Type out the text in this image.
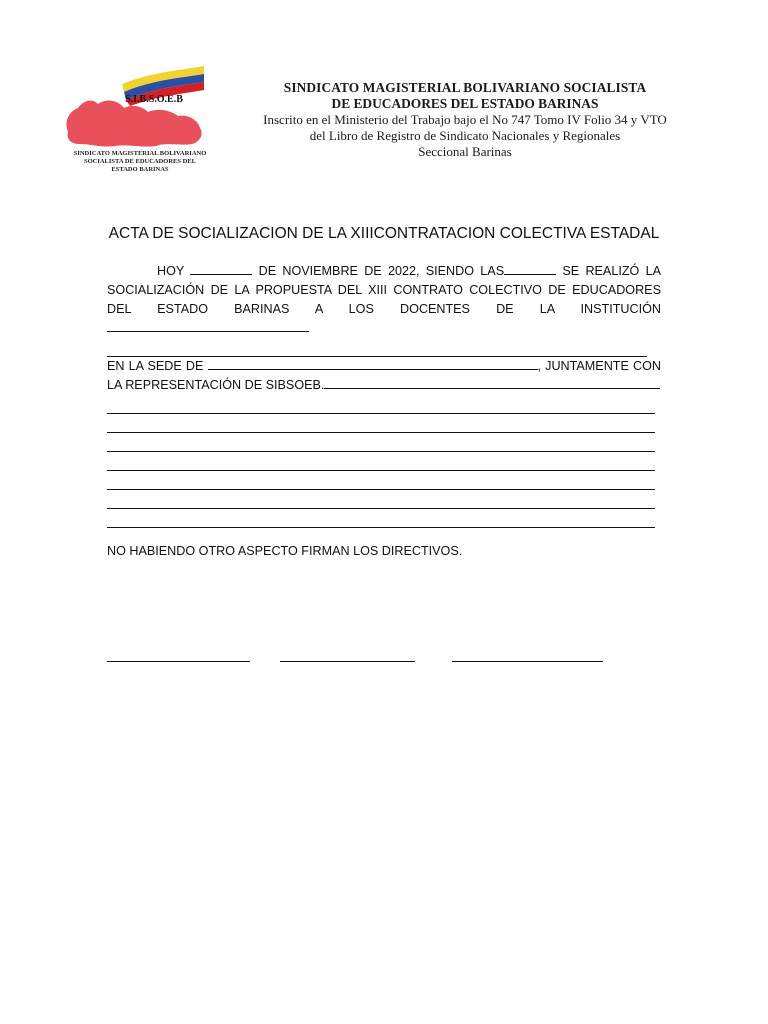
S.I.B.S.O.E.B
SINDICATO MAGISTERIAL BOLIVARIANO
SOCIALISTA DE EDUCADORES DEL
ESTADO BARINAS
SINDICATO MAGISTERIAL BOLIVARIANO SOCIALISTA
DE EDUCADORES DEL ESTADO BARINAS
Inscrito en el Ministerio del Trabajo bajo el No 747 Tomo IV Folio 34 y VTO
del Libro de Registro de Sindicato Nacionales y Regionales
Seccional Barinas
ACTA DE SOCIALIZACION DE LA XIIICONTRATACION COLECTIVA ESTADAL

HOY	DE NOVIEMBRE DE 2022, SIENDO LAS	SE REALIZÓ LA SOCIALIZACIÓN DE LA PROPUESTA DEL XIII CONTRATO COLECTIVO DE EDUCADORES DEL ESTADO BARINAS A LOS DOCENTES DE LA INSTITUCIÓN

EN LA SEDE DE	, JUNTAMENTE CON LA REPRESENTACIÓN DE SIBSOEB.

NO HABIENDO OTRO ASPECTO FIRMAN LOS DIRECTIVOS.
